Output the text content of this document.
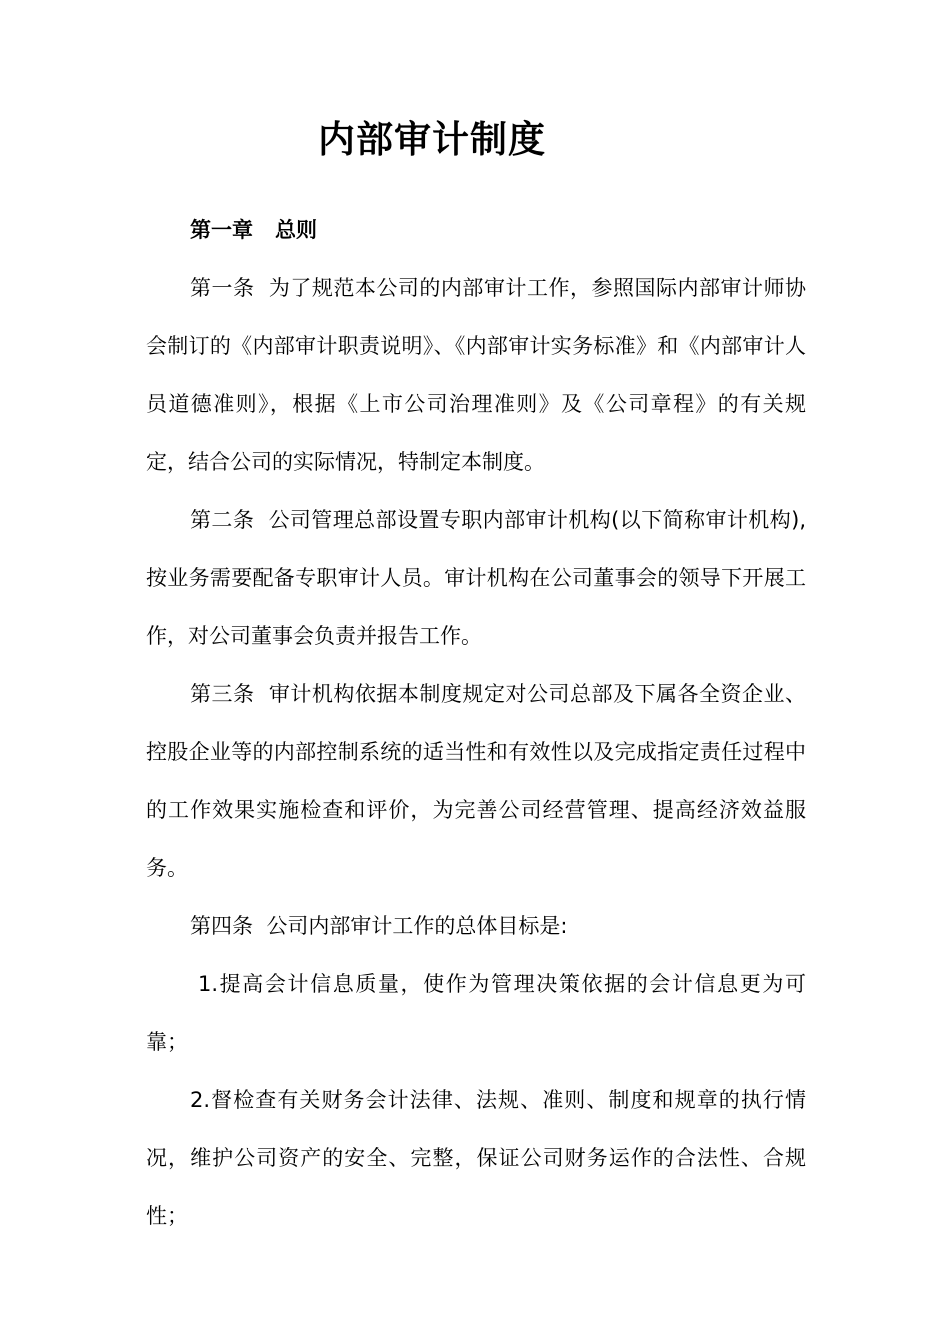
内部审计制度

第一章 总则

第一条 为了规范本公司的内部审计工作，参照国际内部审计师协会制订的《内部审计职责说明》、《内部审计实务标准》和《内部审计人员道德准则》，根据《上市公司治理准则》及《公司章程》的有关规定，结合公司的实际情况，特制定本制度。

第二条 公司管理总部设置专职内部审计机构(以下简称审计机构),按业务需要配备专职审计人员。审计机构在公司董事会的领导下开展工作，对公司董事会负责并报告工作。

第三条 审计机构依据本制度规定对公司总部及下属各全资企业、控股企业等的内部控制系统的适当性和有效性以及完成指定责任过程中的工作效果实施检查和评价，为完善公司经营管理、提高经济效益服务。

第四条 公司内部审计工作的总体目标是:

1.提高会计信息质量，使作为管理决策依据的会计信息更为可靠；

2.督检查有关财务会计法律、法规、准则、制度和规章的执行情况，维护公司资产的安全、完整，保证公司财务运作的合法性、合规性；
